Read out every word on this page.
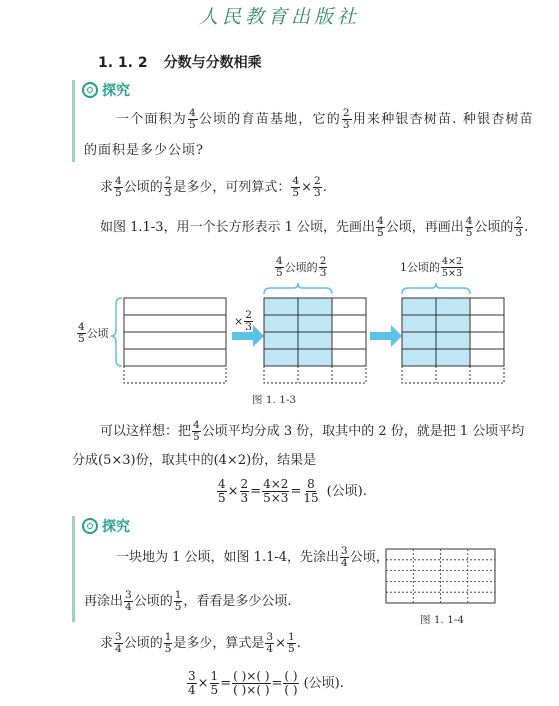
人民教育出版社
1. 1. 2 分数与分数相乘
探究
一个面积为 $\frac{4}{5}$ 公顷的育苗基地，它的 $\frac{2}{3}$ 用来种银杏树苗. 种银杏树苗
的面积是多少公顷?
求 $\frac{4}{5}$ 公顷的 $\frac{2}{3}$ 是多少，可列算式： $\frac{4}{5} \times \frac{2}{3}$ .
如图 1.1-3，用一个长方形表示 1 公顷，先画出 $\frac{4}{5}$ 公顷，再画出 $\frac{4}{5}$ 公顷的 $\frac{2}{3}$ .
$\frac{4}{5}$ 公顷
× $\frac{2}{3}$
$\frac{4}{5}$ 公顷的 $\frac{2}{3}$	1公顷的 $\frac{4\times 2}{5\times 3}$
图 1. 1-3
可以这样想：把 $\frac{4}{5}$ 公顷平均分成 3 份，取其中的 2 份，就是把 1 公顷平均
分成(5×3)份，取其中的(4×2)份，结果是
$\frac{4}{5} \times \frac{2}{3} = \frac{4\times 2}{5\times 3} = \frac{8}{15}$ (公顷).
探究
一块地为 1 公顷，如图 1.1-4，先涂出 $\frac{3}{4}$ 公顷，
再涂出 $\frac{3}{4}$ 公顷的 $\frac{1}{5}$ ，看看是多少公顷.
图 1. 1-4
求 $\frac{3}{4}$ 公顷的 $\frac{1}{5}$ 是多少，算式是 $\frac{3}{4} \times \frac{1}{5}$ .
$\frac{3}{4} \times \frac{1}{5} = \frac{( )\times( )}{( )\times( )} = \frac{( )}{( )}$ (公顷).
